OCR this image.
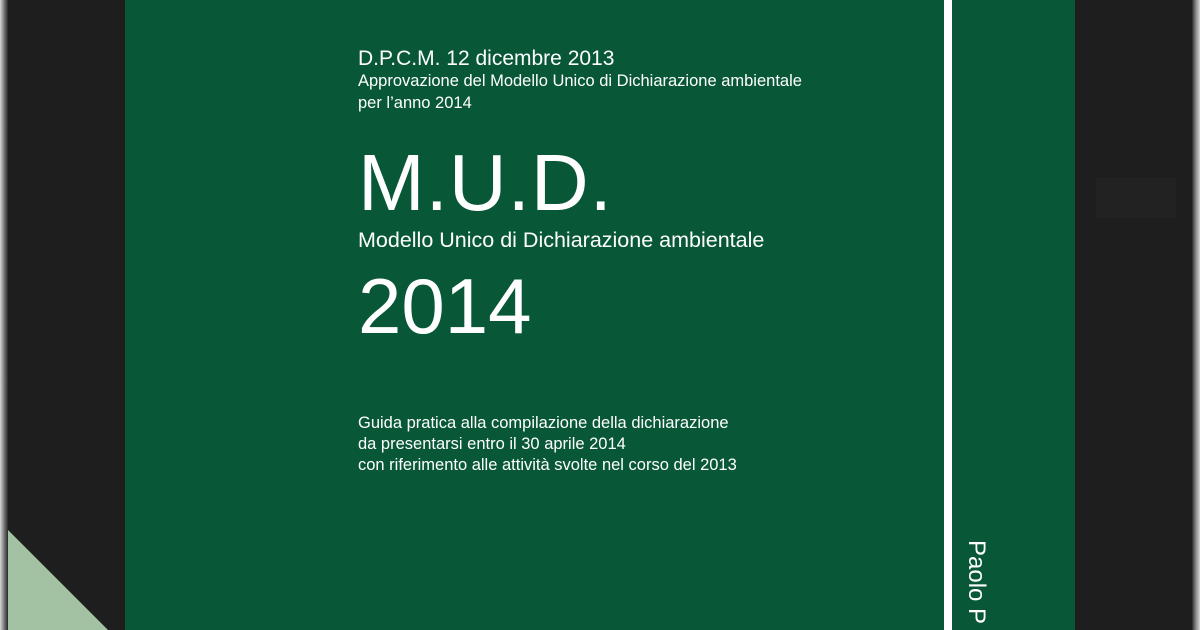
D.P.C.M. 12 dicembre 2013
Approvazione del Modello Unico di Dichiarazione ambientale
per l’anno 2014
M.U.D.
Modello Unico di Dichiarazione ambientale
2014
Guida pratica alla compilazione della dichiarazione
da presentarsi entro il 30 aprile 2014
con riferimento alle attività svolte nel corso del 2013
Paolo P
